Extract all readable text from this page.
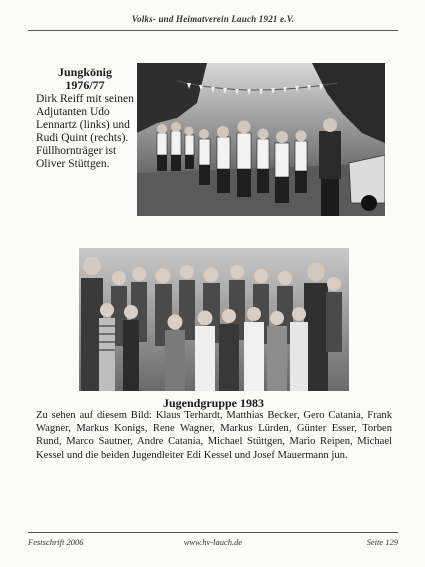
Volks- und Heimatverein Lauch 1921 e.V.
Jungkönig
1976/77
Dirk Reiff mit seinen Adjutanten Udo Lennartz (links) und Rudi Quint (rechts). Füllhornträger ist Oliver Stüttgen.
Jugendgruppe 1983
Zu sehen auf diesem Bild: Klaus Terhardt, Matthias Becker, Gero Catania, Frank Wagner, Markus Konigs, Rene Wagner, Markus Lürden, Günter Esser, Torben Rund, Marco Sautner, Andre Catania, Michael Stüttgen, Mario Reipen, Michael Kessel und die beiden Jugendleiter Edi Kessel und Josef Mauermann jun.
Festschrift 2006	www.hv-lauch.de	Seite 129
